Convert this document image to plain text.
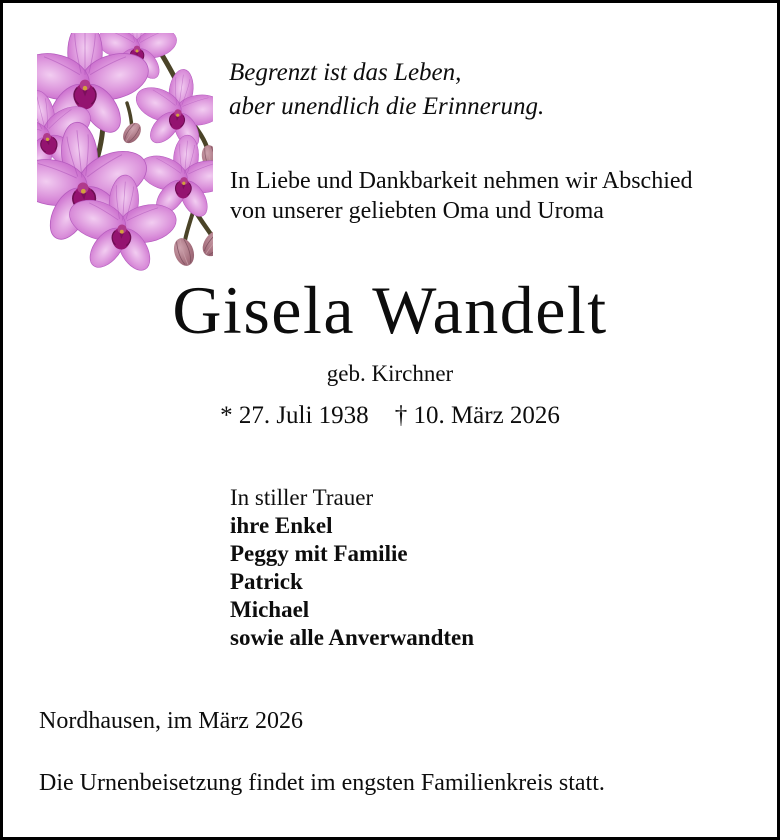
Begrenzt ist das Leben,
aber unendlich die Erinnerung.
In Liebe und Dankbarkeit nehmen wir Abschied
von unserer geliebten Oma und Uroma
Gisela Wandelt
geb. Kirchner
* 27. Juli 1938 † 10. März 2026
In stiller Trauer
ihre Enkel
Peggy mit Familie
Patrick
Michael
sowie alle Anverwandten
Nordhausen, im März 2026
Die Urnenbeisetzung findet im engsten Familienkreis statt.
